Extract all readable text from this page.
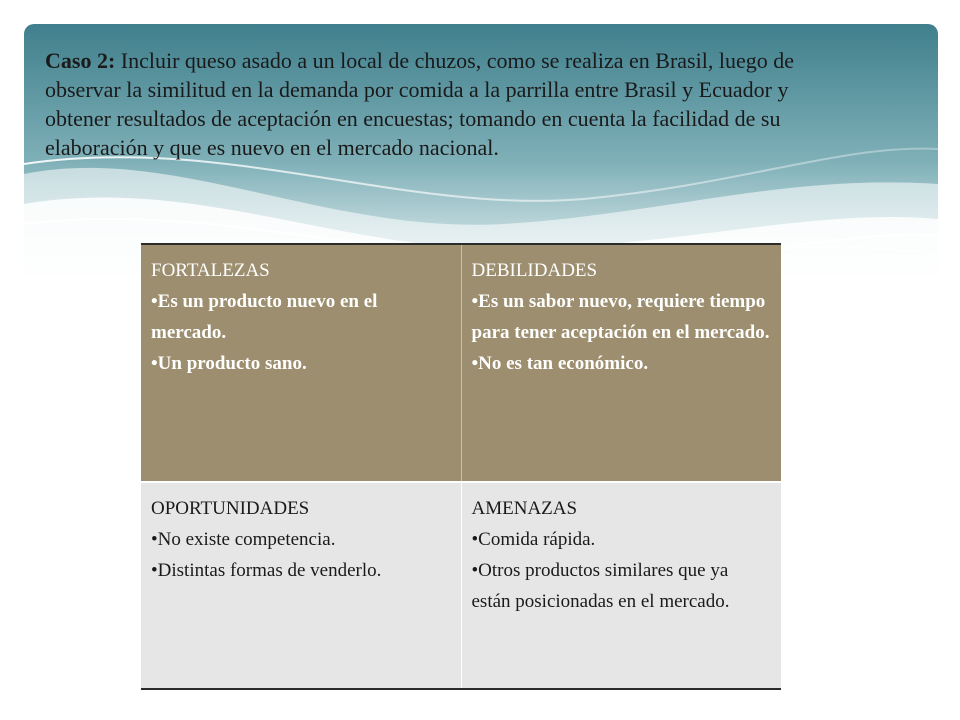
Caso 2: Incluir queso asado a un local de chuzos, como se realiza en Brasil, luego de observar la similitud en la demanda por comida a la parrilla entre Brasil y Ecuador y obtener resultados de aceptación en encuestas; tomando en cuenta la facilidad de su elaboración y que es nuevo en el mercado nacional.

FORTALEZAS
•Es un producto nuevo en el mercado.
•Un producto sano.	DEBILIDADES
•Es un sabor nuevo, requiere tiempo para tener aceptación en el mercado.
•No es tan económico.

OPORTUNIDADES
•No existe competencia.
•Distintas formas de venderlo.	AMENAZAS
•Comida rápida.
•Otros productos similares que ya están posicionadas en el mercado.
